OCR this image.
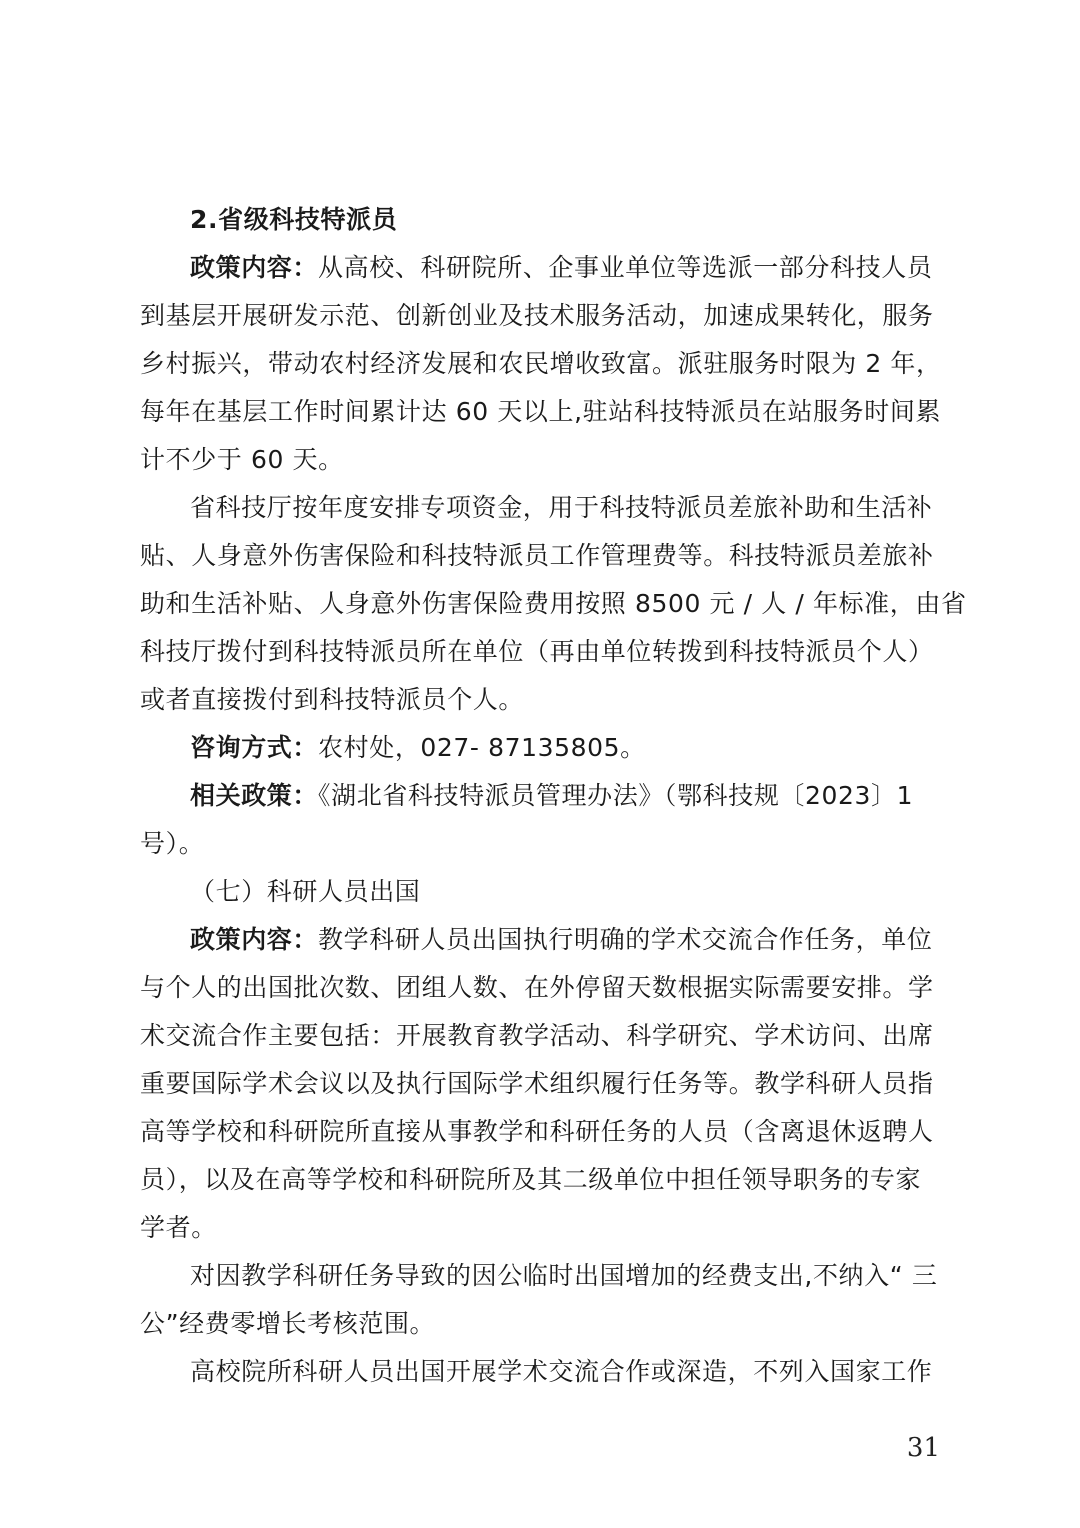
2.省级科技特派员
政策内容：从高校、科研院所、企事业单位等选派一部分科技人员
到基层开展研发示范、创新创业及技术服务活动，加速成果转化，服务
乡村振兴，带动农村经济发展和农民增收致富。派驻服务时限为 2 年，
每年在基层工作时间累计达 60 天以上,驻站科技特派员在站服务时间累
计不少于 60 天。
省科技厅按年度安排专项资金，用于科技特派员差旅补助和生活补
贴、人身意外伤害保险和科技特派员工作管理费等。科技特派员差旅补
助和生活补贴、人身意外伤害保险费用按照 8500 元 / 人 / 年标准，由省
科技厅拨付到科技特派员所在单位（再由单位转拨到科技特派员个人）
或者直接拨付到科技特派员个人。
咨询方式：农村处，027- 87135805。
相关政策：《湖北省科技特派员管理办法》（鄂科技规〔2023〕1
号）。
（七）科研人员出国
政策内容：教学科研人员出国执行明确的学术交流合作任务，单位
与个人的出国批次数、团组人数、在外停留天数根据实际需要安排。学
术交流合作主要包括：开展教育教学活动、科学研究、学术访问、出席
重要国际学术会议以及执行国际学术组织履行任务等。教学科研人员指
高等学校和科研院所直接从事教学和科研任务的人员（含离退休返聘人
员），以及在高等学校和科研院所及其二级单位中担任领导职务的专家
学者。
对因教学科研任务导致的因公临时出国增加的经费支出,不纳入“ 三
公”经费零增长考核范围。
高校院所科研人员出国开展学术交流合作或深造，不列入国家工作
31
